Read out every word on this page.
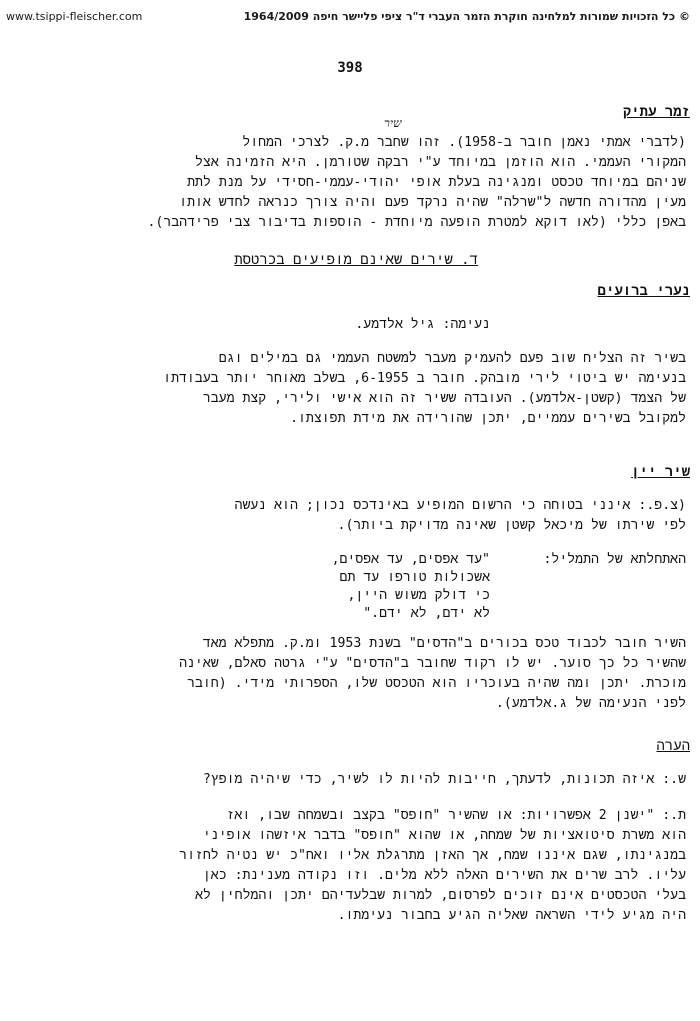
www.tsippi-fleischer.com	© כל הזכויות שמורות למלחינה חוקרת הזמר העברי ד"ר ציפי פליישר חיפה 1964/2009
398
זמר עתיק
שיר

(לדברי אמתי נאמן חובר ב-1958). זהו שחבר מ.ק. לצרכי המחול

המקורי העממי. הוא הוזמן במיוחד ע"י רבקה שטורמן. היא הזמינה אצל

שניהם במיוחד טכסט ומנגינה בעלת אופי יהודי-עממי-חסידי על מנת לתת

מעין מהדורה חדשה ל"שרלה" שהיה נרקד פעם והיה צורך כנראה לחדש אותו

באפן כללי (לאו דוקא למטרת הופעה מיוחדת - הוספות בדיבור צבי פרידהבר).

ד. שירים שאינם מופיעים בכרטסת
נערי ברועים
נעימה: גיל אלדמע.

בשיר זה הצליח שוב פעם להעמיק מעבר למשטח העממי גם במילים וגם

בנעימה יש ביטוי לירי מובהק. חובר ב 6-1955, בשלב מאוחר יותר בעבודתו

של הצמד (קשטן-אלדמע). העובדה ששיר זה הוא אישי ולירי, קצת מעבר

למקובל בשירים עממיים, יתכן שהורידה את מידת תפוצתו.

שיר יין

(צ.פ.: אינני בטוחה כי הרשום המופיע באינדכס נכון; הוא נעשה

לפי שירתו של מיכאל קשטן שאינה מדויקת ביותר).

האתחלתא של התמליל:

"עד אפסים, עד אפסים,

אשכולות טורפו עד תם

כי דולק משוש היין,

לא ידם, לא ידם."

השיר חובר לכבוד טכס בכורים ב"הדסים" בשנת 1953 ומ.ק. מתפלא מאד

שהשיר כל כך סוער. יש לו רקוד שחובר ב"הדסים" ע"י גרטה סאלם, שאינה

מוכרת. יתכן ומה שהיה בעוכריו הוא הטכסט שלו, הספרותי מידי. (חובר

לפני הנעימה של ג.אלדמע).

הערה
ש.: איזה תכונות, לדעתך, חייבות להיות לו לשיר, כדי שיהיה מופץ?

ת.: "ישנן 2 אפשרויות: או שהשיר "חופס" בקצב ובשמחה שבו, ואז

הוא משרת סיטואציות של שמחה, או שהוא "חופס" בדבר איזשהו אופיני

במנגינתו, שגם איננו שמח, אך האזן מתרגלת אליו ואח"כ יש נטיה לחזור

עליו. לרב שרים את השירים האלה ללא מלים. וזו נקודה מענינת: כאן

בעלי הטכסטים אינם זוכים לפרסום, למרות שבלעדיהם יתכן והמלחין לא

היה מגיע לידי השראה שאליה הגיע בחבור נעימתו.
